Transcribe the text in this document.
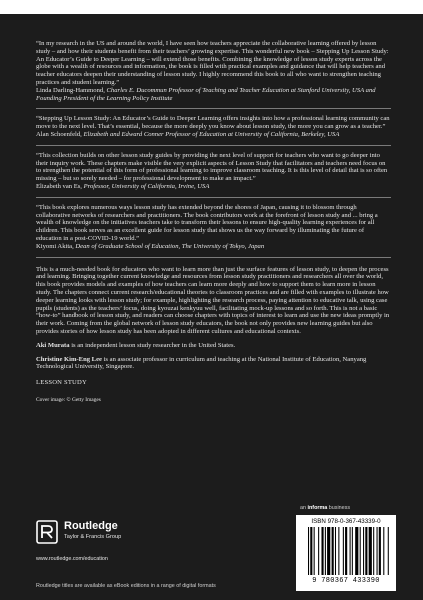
“In my research in the US and around the world, I have seen how teachers appreciate the collaborative learning offered by lesson study – and how their students benefit from their teachers’ growing expertise. This wonderful new book – Stepping Up Lesson Study: An Educator’s Guide to Deeper Learning – will extend those benefits. Combining the knowledge of lesson study experts across the globe with a wealth of resources and information, the book is filled with practical examples and guidance that will help teachers and teacher educators deepen their understanding of lesson study. I highly recommend this book to all who want to strengthen teaching practices and student learning.”
Linda Darling-Hammond, Charles E. Ducommun Professor of Teaching and Teacher Education at Stanford University, USA and Founding President of the Learning Policy Institute
“Stepping Up Lesson Study: An Educator’s Guide to Deeper Learning offers insights into how a professional learning community can move to the next level. That’s essential, because the more deeply you know about lesson study, the more you can grow as a teacher.”
Alan Schoenfeld, Elizabeth and Edward Conner Professor of Education at University of California, Berkeley, USA
“This collection builds on other lesson study guides by providing the next level of support for teachers who want to go deeper into their inquiry work. These chapters make visible the very explicit aspects of Lesson Study that facilitators and teachers need focus on to strengthen the potential of this form of professional learning to improve classroom teaching. It is this level of detail that is so often missing – but so sorely needed – for professional development to make an impact.”
Elizabeth van Es, Professor, University of California, Irvine, USA
“This book explores numerous ways lesson study has extended beyond the shores of Japan, causing it to blossom through collaborative networks of researchers and practitioners. The book contributors work at the forefront of lesson study and ... bring a wealth of knowledge on the initiatives teachers take to transform their lessons to ensure high-quality learning experiences for all children. This book serves as an excellent guide for lesson study that shows us the way forward by illuminating the future of education in a post-COVID-19 world.”
Kiyomi Akita, Dean of Graduate School of Education, The University of Tokyo, Japan
This is a much-needed book for educators who want to learn more than just the surface features of lesson study, to deepen the process and learning. Bringing together current knowledge and resources from lesson study practitioners and researchers all over the world, this book provides models and examples of how teachers can learn more deeply and how to support them to learn more in lesson study. The chapters connect current research/educational theories to classroom practices and are filled with examples to illustrate how deeper learning looks with lesson study; for example, highlighting the research process, paying attention to educative talk, using case pupils (students) as the teachers’ focus, doing kyouzai kenkyuu well, facilitating mock-up lessons and so forth. This is not a basic “how-to” handbook of lesson study, and readers can choose chapters with topics of interest to learn and use the new ideas promptly in their work. Coming from the global network of lesson study educators, the book not only provides new learning guides but also provides stories of how lesson study has been adopted in different cultures and educational contexts.
Aki Murata is an independent lesson study researcher in the United States.
Christine Kim-Eng Lee is an associate professor in curriculum and teaching at the National Institute of Education, Nanyang Technological University, Singapore.
LESSON STUDY
Cover image: © Getty Images
Routledge
Taylor & Francis Group
www.routledge.com/education
an informa business
ISBN 978-0-367-43339-0
9 780367 433390
Routledge titles are available as eBook editions in a range of digital formats
